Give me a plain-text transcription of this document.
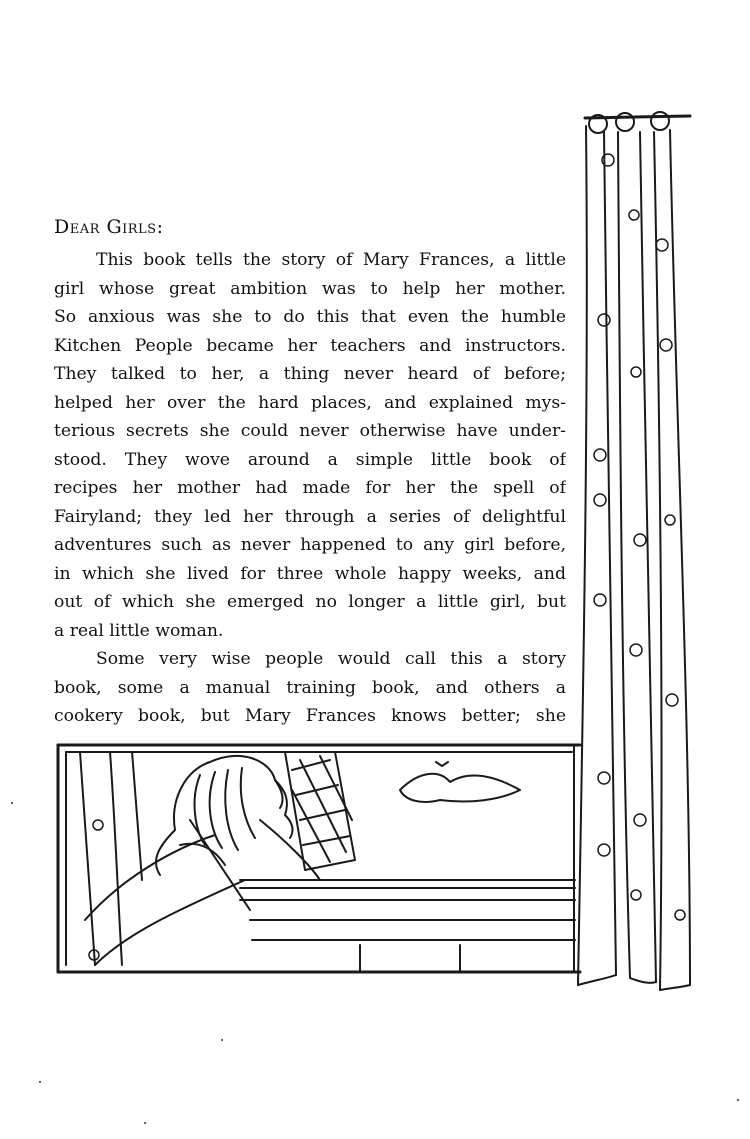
Dear Girls:
This book tells the story of Mary Frances, a little
girl whose great ambition was to help her mother.
So anxious was she to do this that even the humble
Kitchen People became her teachers and instructors.
They talked to her, a thing never heard of before;
helped her over the hard places, and explained mys-
terious secrets she could never otherwise have under-
stood. They wove around a simple little book of
recipes her mother had made for her the spell of
Fairyland; they led her through a series of delightful
adventures such as never happened to any girl before,
in which she lived for three whole happy weeks, and
out of which she emerged no longer a little girl, but
a real little woman.
Some very wise people would call this a story
book, some a manual training book, and others a
cookery book, but Mary Frances knows better; she
